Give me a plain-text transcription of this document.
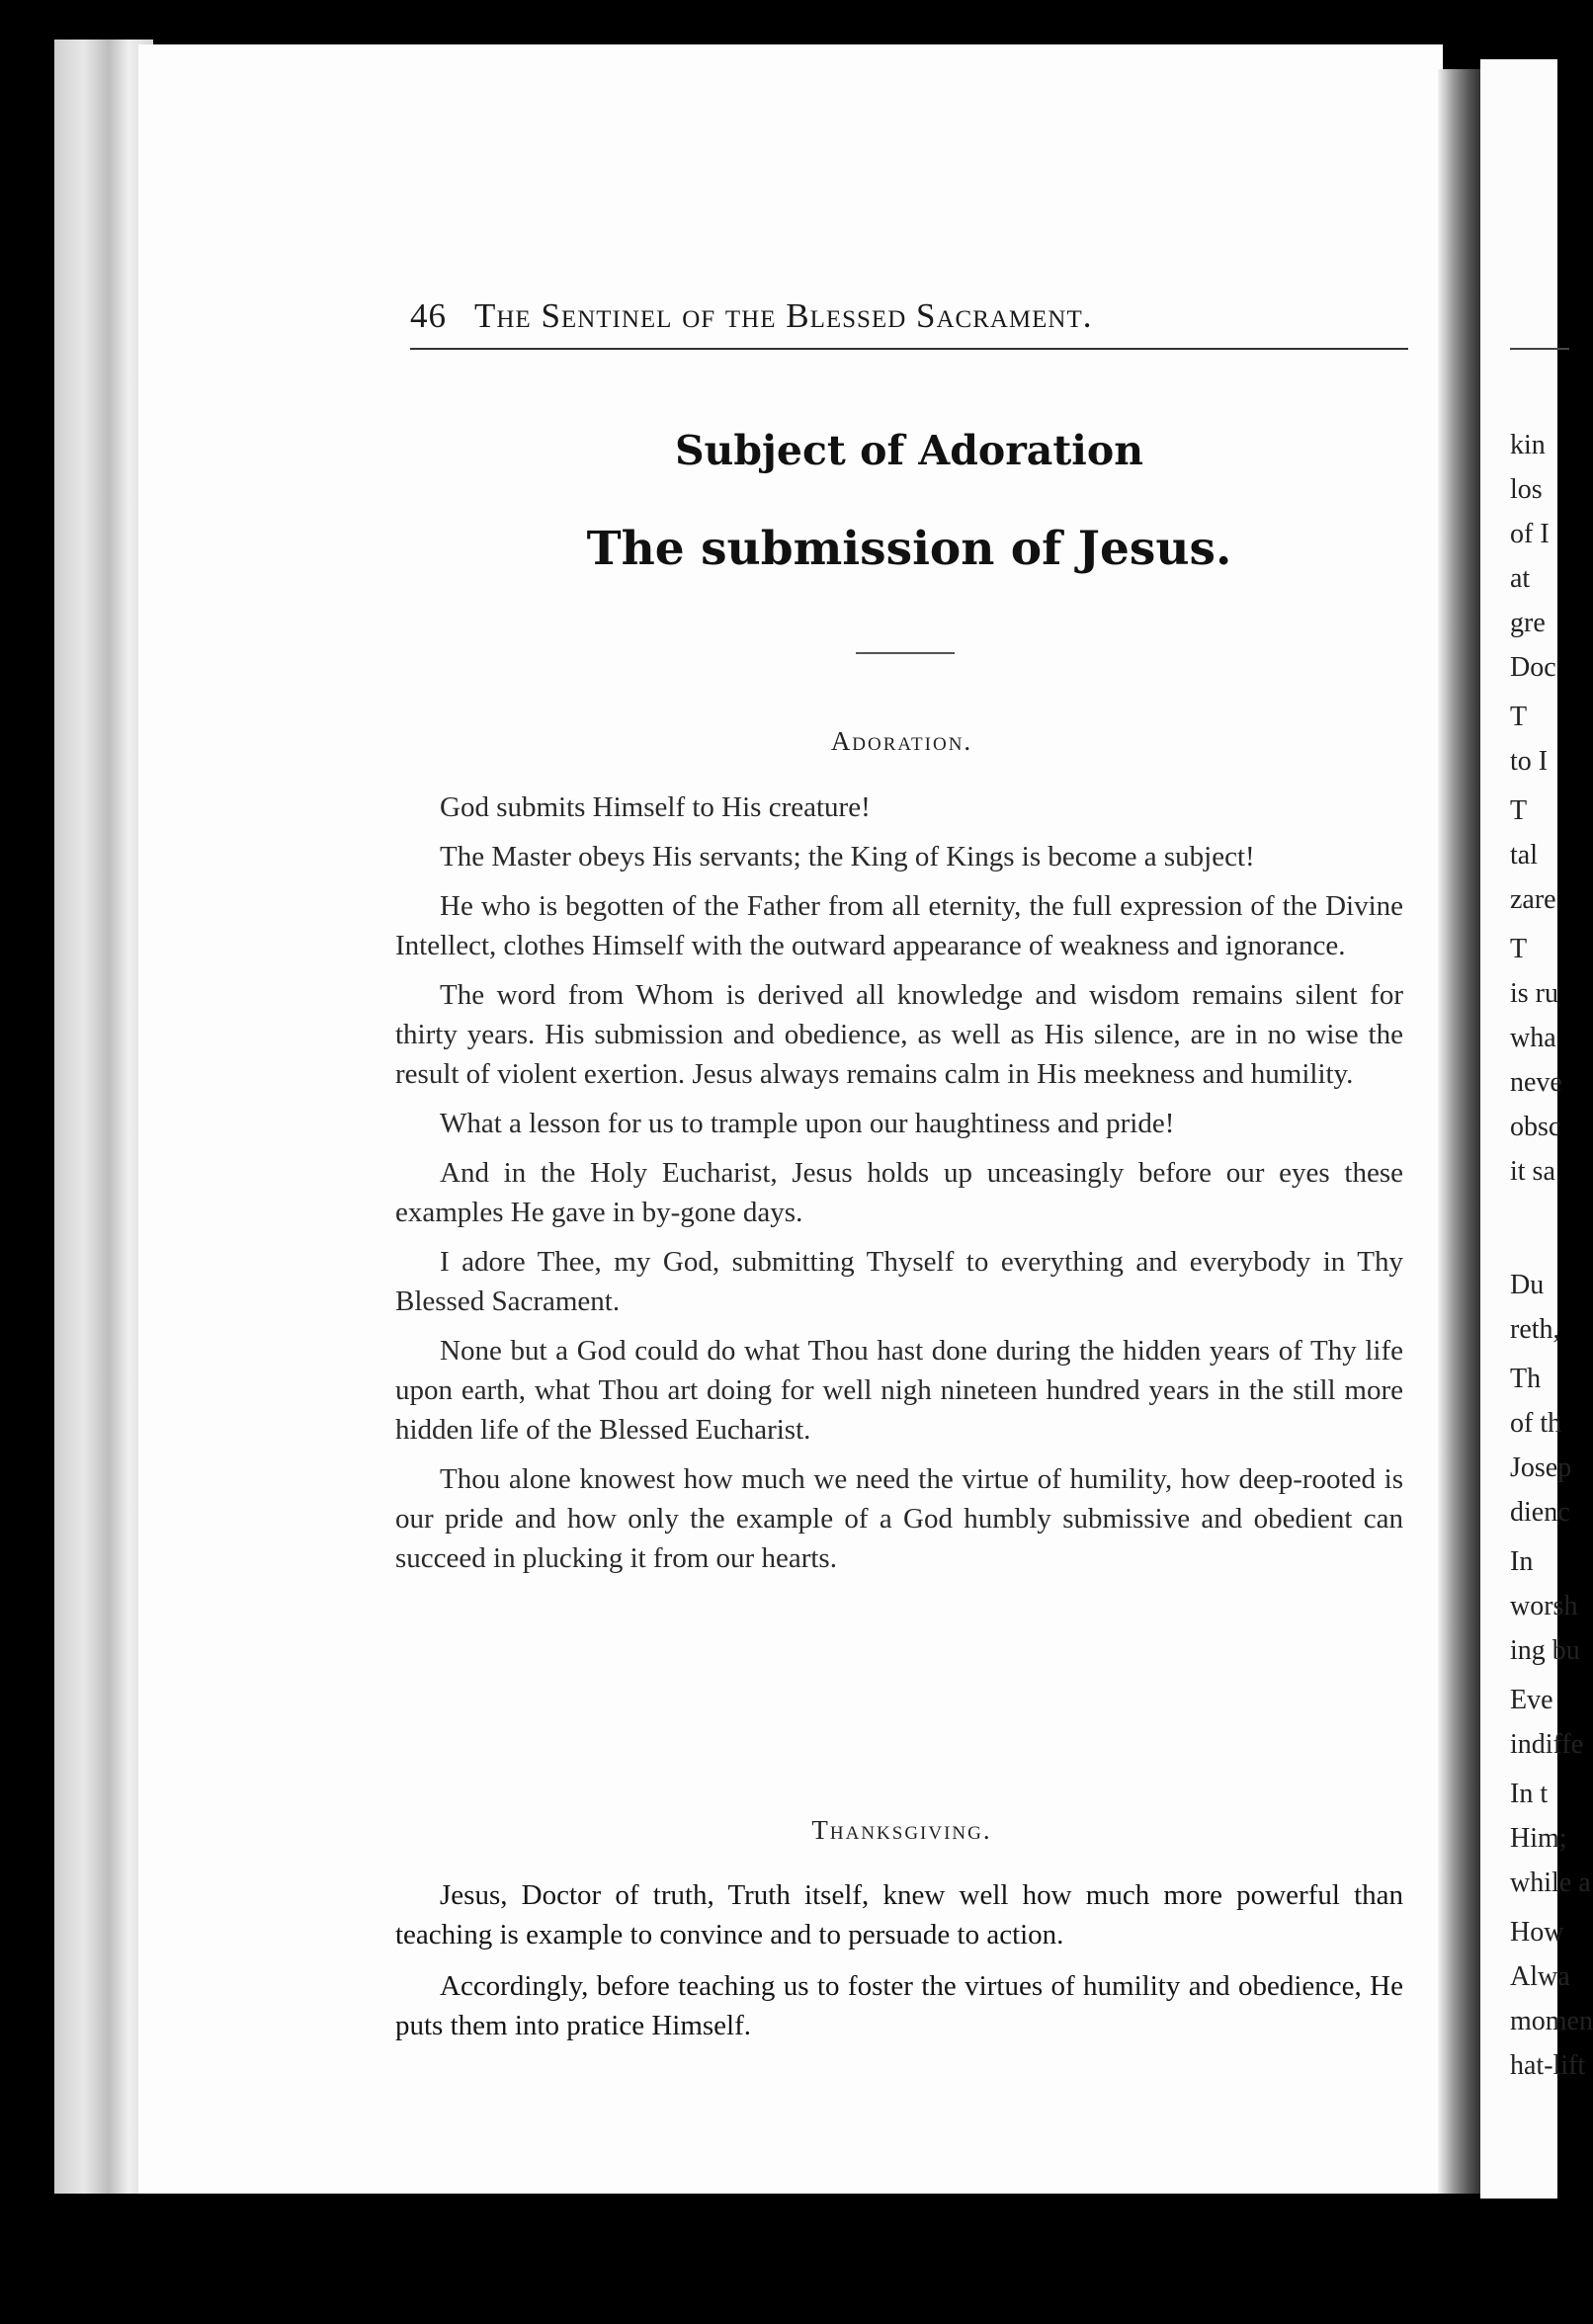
kin
los
of I
at
gre
Doc
T
to I
T
tal
zare
T
is ru
wha
neve
obsc
it sa
Du
reth,
Th
of th
Josep
dienc
In
worsh
ing bu
Eve
indiffe
In t
Him;
while a
How
Alwa
momen
hat-lift
46 The Sentinel of the Blessed Sacrament.
Subject of Adoration
The submission of Jesus.
Adoration.

God submits Himself to His creature!

The Master obeys His servants; the King of Kings is become a subject!

He who is begotten of the Father from all eternity, the full expression of the Divine Intellect, clothes Himself with the outward appearance of weakness and ignorance.

The word from Whom is derived all knowledge and wisdom remains silent for thirty years. His submission and obedience, as well as His silence, are in no wise the result of violent exertion. Jesus always remains calm in His meekness and humility.

What a lesson for us to trample upon our haughtiness and pride!

And in the Holy Eucharist, Jesus holds up unceasingly before our eyes these examples He gave in by-gone days.

I adore Thee, my God, submitting Thyself to everything and everybody in Thy Blessed Sacrament.

None but a God could do what Thou hast done during the hidden years of Thy life upon earth, what Thou art doing for well nigh nineteen hundred years in the still more hidden life of the Blessed Eucharist.

Thou alone knowest how much we need the virtue of humility, how deep-rooted is our pride and how only the example of a God humbly submissive and obedient can succeed in plucking it from our hearts.

Thanksgiving.

Jesus, Doctor of truth, Truth itself, knew well how much more powerful than teaching is example to convince and to persuade to action.

Accordingly, before teaching us to foster the virtues of humility and obedience, He puts them into pratice Himself.
